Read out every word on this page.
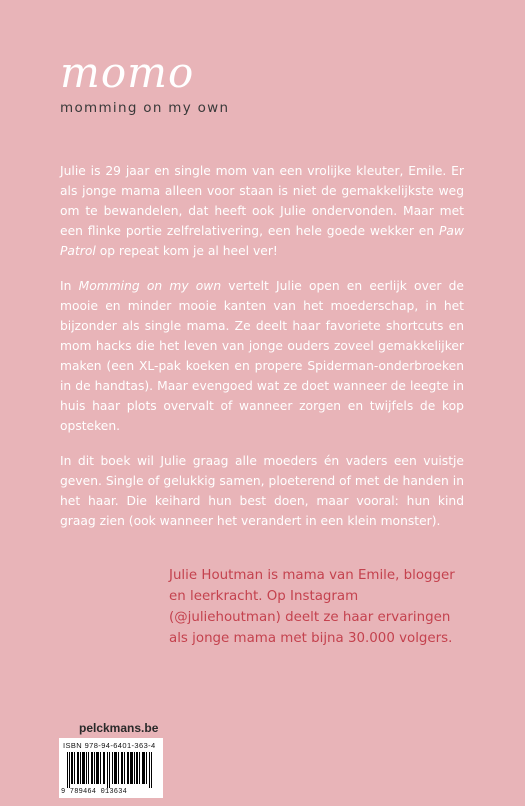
momo
momming on my own

Julie is 29 jaar en single mom van een vrolijke kleuter, Emile. Er als jonge mama alleen voor staan is niet de gemakkelijkste weg om te bewandelen, dat heeft ook Julie ondervonden. Maar met een flinke portie zelfrelativering, een hele goede wekker en Paw Patrol op repeat kom je al heel ver!

In Momming on my own vertelt Julie open en eerlijk over de mooie en minder mooie kanten van het moederschap, in het bijzonder als single mama. Ze deelt haar favoriete shortcuts en mom hacks die het leven van jonge ouders zoveel gemakkelijker maken (een XL-pak koeken en propere Spiderman-onderbroeken in de handtas). Maar evengoed wat ze doet wanneer de leegte in huis haar plots overvalt of wanneer zorgen en twijfels de kop opsteken.

In dit boek wil Julie graag alle moeders én vaders een vuistje geven. Single of gelukkig samen, ploeterend of met de handen in het haar. Die keihard hun best doen, maar vooral: hun kind graag zien (ook wanneer het verandert in een klein monster).

Julie Houtman is mama van Emile, blogger en leerkracht. Op Instagram (@juliehoutman) deelt ze haar ervaringen als jonge mama met bijna 30.000 volgers.

pelckmans.be
ISBN 978-94-6401-363-4
9 789464 013634
